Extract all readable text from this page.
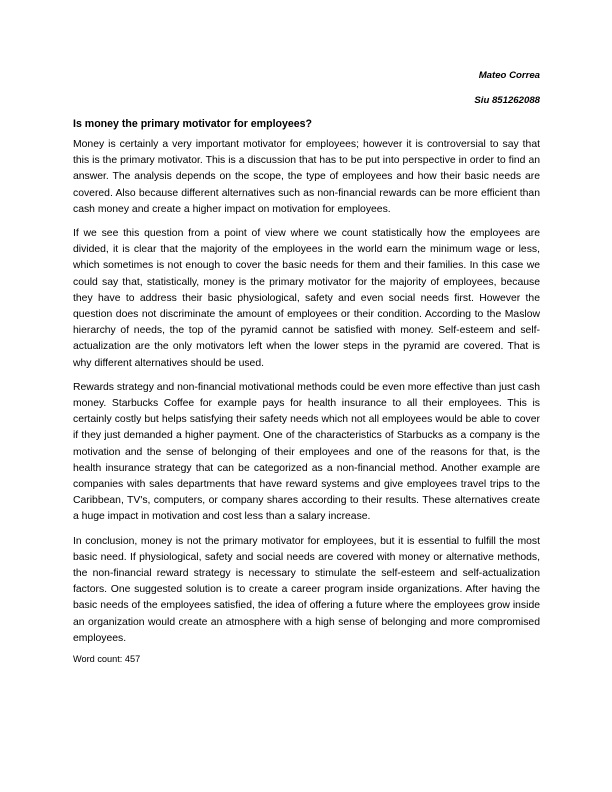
Mateo Correa

Siu 851262088

Is money the primary motivator for employees?

Money is certainly a very important motivator for employees; however it is controversial to say that this is the primary motivator. This is a discussion that has to be put into perspective in order to find an answer. The analysis depends on the scope, the type of employees and how their basic needs are covered. Also because different alternatives such as non-financial rewards can be more efficient than cash money and create a higher impact on motivation for employees.

If we see this question from a point of view where we count statistically how the employees are divided, it is clear that the majority of the employees in the world earn the minimum wage or less, which sometimes is not enough to cover the basic needs for them and their families. In this case we could say that, statistically, money is the primary motivator for the majority of employees, because they have to address their basic physiological, safety and even social needs first. However the question does not discriminate the amount of employees or their condition. According to the Maslow hierarchy of needs, the top of the pyramid cannot be satisfied with money. Self-esteem and self-actualization are the only motivators left when the lower steps in the pyramid are covered. That is why different alternatives should be used.

Rewards strategy and non-financial motivational methods could be even more effective than just cash money. Starbucks Coffee for example pays for health insurance to all their employees. This is certainly costly but helps satisfying their safety needs which not all employees would be able to cover if they just demanded a higher payment. One of the characteristics of Starbucks as a company is the motivation and the sense of belonging of their employees and one of the reasons for that, is the health insurance strategy that can be categorized as a non-financial method. Another example are companies with sales departments that have reward systems and give employees travel trips to the Caribbean, TV's, computers, or company shares according to their results. These alternatives create a huge impact in motivation and cost less than a salary increase.

In conclusion, money is not the primary motivator for employees, but it is essential to fulfill the most basic need. If physiological, safety and social needs are covered with money or alternative methods, the non-financial reward strategy is necessary to stimulate the self-esteem and self-actualization factors. One suggested solution is to create a career program inside organizations. After having the basic needs of the employees satisfied, the idea of offering a future where the employees grow inside an organization would create an atmosphere with a high sense of belonging and more compromised employees.

Word count: 457
